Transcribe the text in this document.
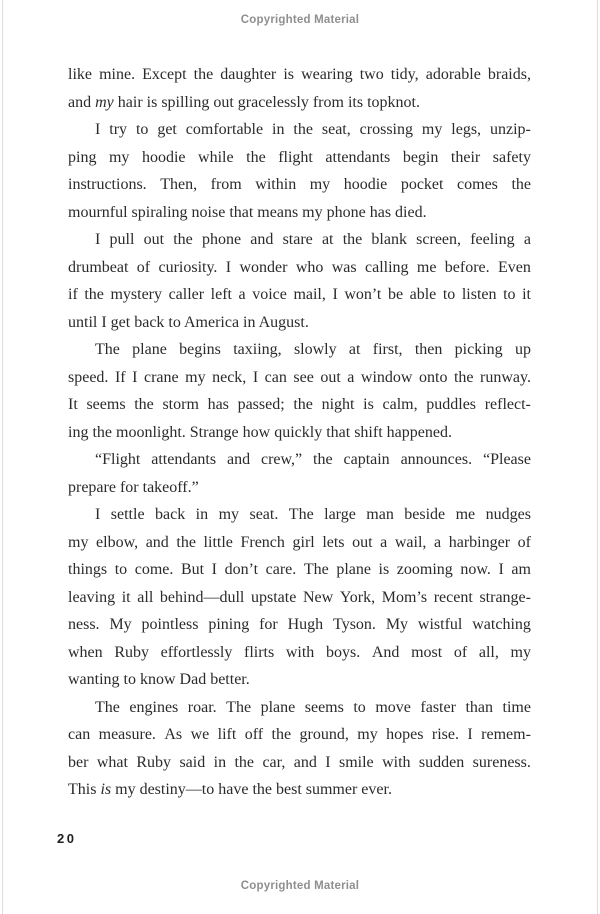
Copyrighted Material
like mine. Except the daughter is wearing two tidy, adorable braids,
and my hair is spilling out gracelessly from its topknot.
I try to get comfortable in the seat, crossing my legs, unzip-
ping my hoodie while the flight attendants begin their safety
instructions. Then, from within my hoodie pocket comes the
mournful spiraling noise that means my phone has died.
I pull out the phone and stare at the blank screen, feeling a
drumbeat of curiosity. I wonder who was calling me before. Even
if the mystery caller left a voice mail, I won’t be able to listen to it
until I get back to America in August.
The plane begins taxiing, slowly at first, then picking up
speed. If I crane my neck, I can see out a window onto the runway.
It seems the storm has passed; the night is calm, puddles reflect-
ing the moonlight. Strange how quickly that shift happened.
“Flight attendants and crew,” the captain announces. “Please
prepare for takeoff.”
I settle back in my seat. The large man beside me nudges
my elbow, and the little French girl lets out a wail, a harbinger of
things to come. But I don’t care. The plane is zooming now. I am
leaving it all behind—dull upstate New York, Mom’s recent strange-
ness. My pointless pining for Hugh Tyson. My wistful watching
when Ruby effortlessly flirts with boys. And most of all, my
wanting to know Dad better.
The engines roar. The plane seems to move faster than time
can measure. As we lift off the ground, my hopes rise. I remem-
ber what Ruby said in the car, and I smile with sudden sureness.
This is my destiny—to have the best summer ever.
20
Copyrighted Material
